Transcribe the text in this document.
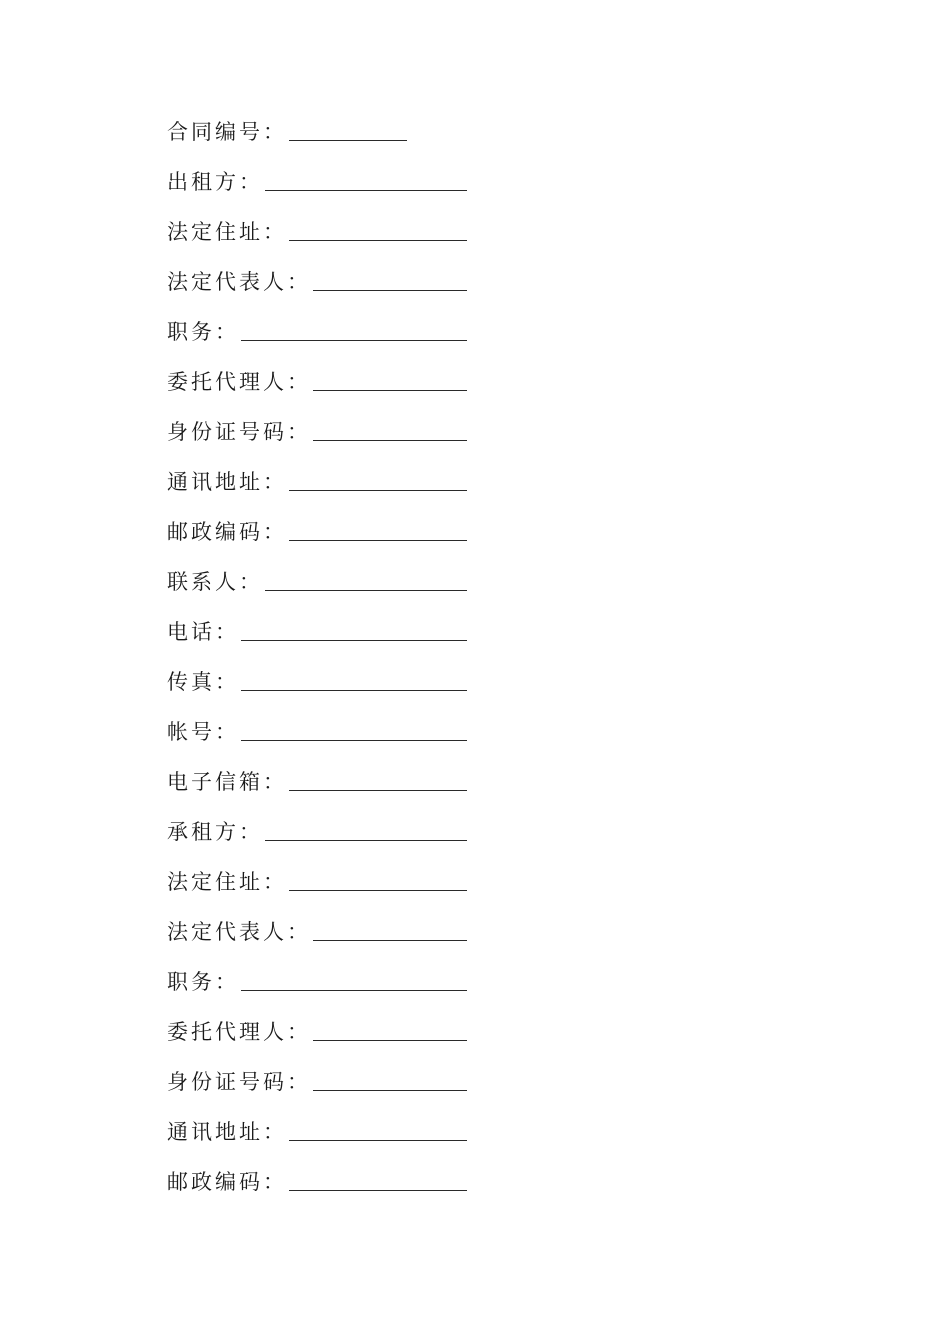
合同编号：
出租方：
法定住址：
法定代表人：
职务：
委托代理人：
身份证号码：
通讯地址：
邮政编码：
联系人：
电话：
传真：
帐号：
电子信箱：
承租方：
法定住址：
法定代表人：
职务：
委托代理人：
身份证号码：
通讯地址：
邮政编码：
